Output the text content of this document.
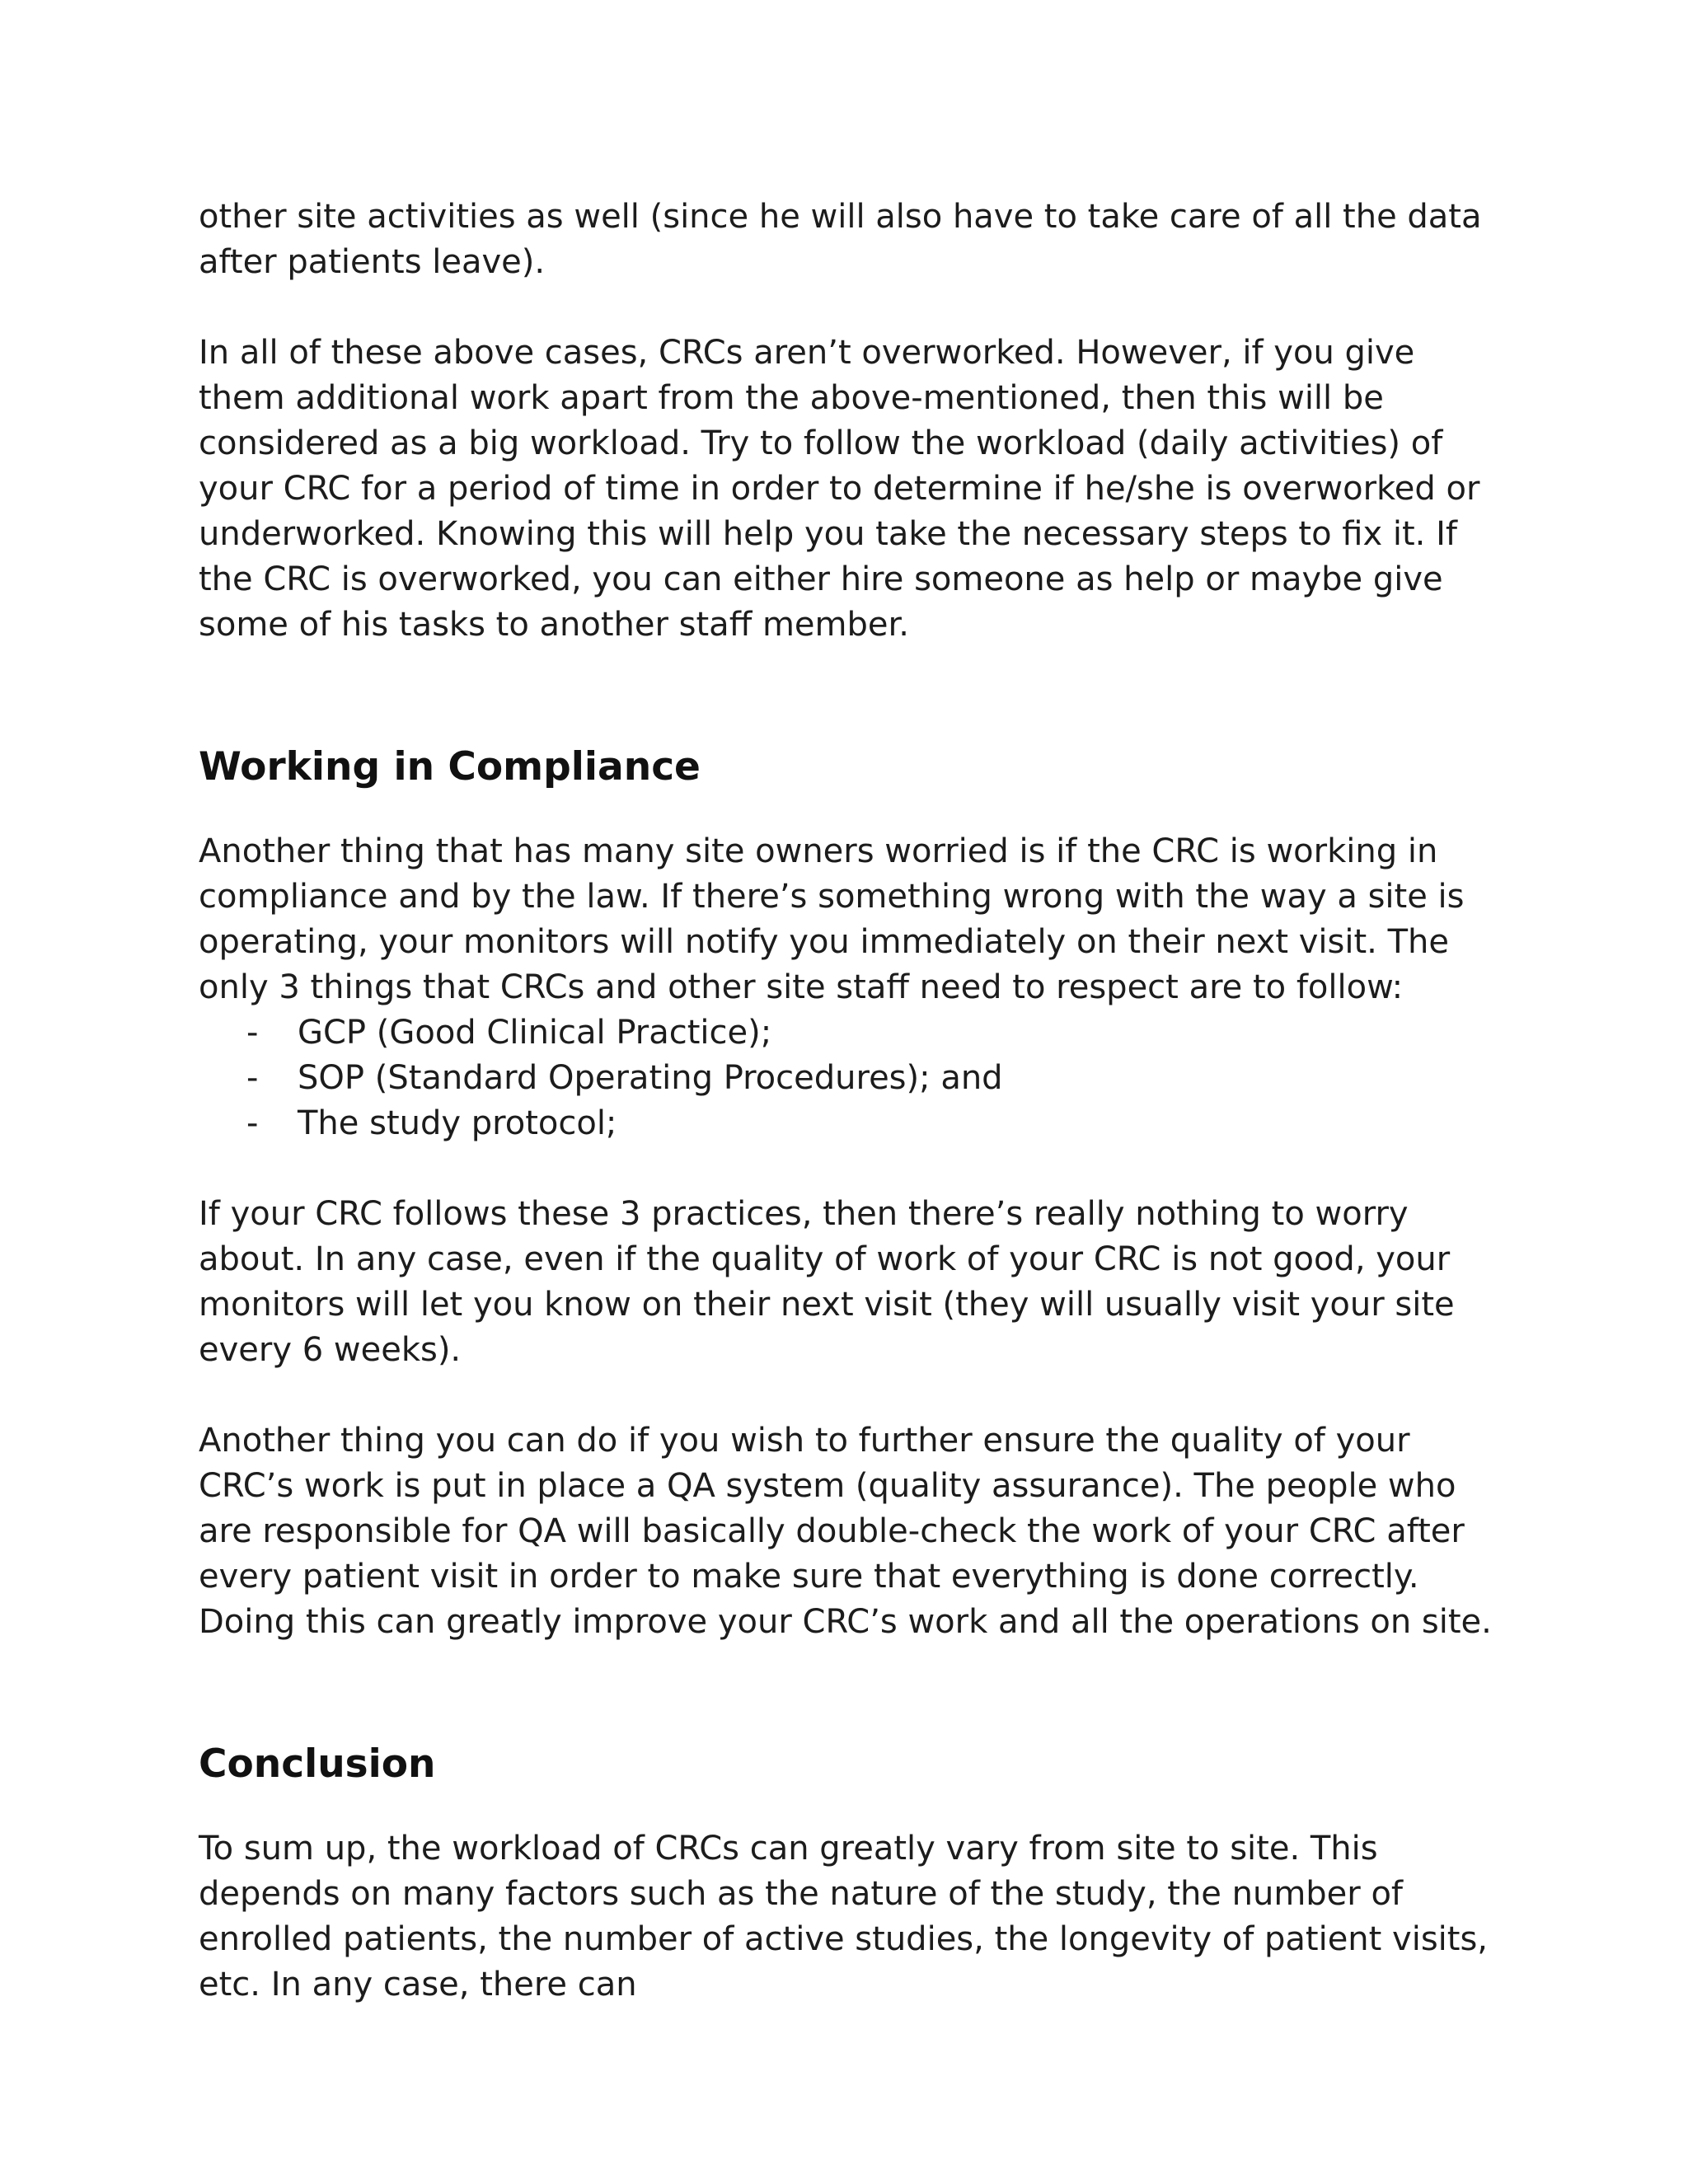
other site activities as well (since he will also have to take care of all the data after patients leave).

In all of these above cases, CRCs aren’t overworked. However, if you give them additional work apart from the above-mentioned, then this will be considered as a big workload. Try to follow the workload (daily activities) of your CRC for a period of time in order to determine if he/she is overworked or underworked. Knowing this will help you take the necessary steps to fix it. If the CRC is overworked, you can either hire someone as help or maybe give some of his tasks to another staff member.

Working in Compliance

Another thing that has many site owners worried is if the CRC is working in compliance and by the law. If there’s something wrong with the way a site is operating, your monitors will notify you immediately on their next visit. The only 3 things that CRCs and other site staff need to respect are to follow:

- GCP (Good Clinical Practice);
- SOP (Standard Operating Procedures); and
- The study protocol;

If your CRC follows these 3 practices, then there’s really nothing to worry about. In any case, even if the quality of work of your CRC is not good, your monitors will let you know on their next visit (they will usually visit your site every 6 weeks).

Another thing you can do if you wish to further ensure the quality of your CRC’s work is put in place a QA system (quality assurance). The people who are responsible for QA will basically double-check the work of your CRC after every patient visit in order to make sure that everything is done correctly. Doing this can greatly improve your CRC’s work and all the operations on site.

Conclusion

To sum up, the workload of CRCs can greatly vary from site to site. This depends on many factors such as the nature of the study, the number of enrolled patients, the number of active studies, the longevity of patient visits, etc. In any case, there can
